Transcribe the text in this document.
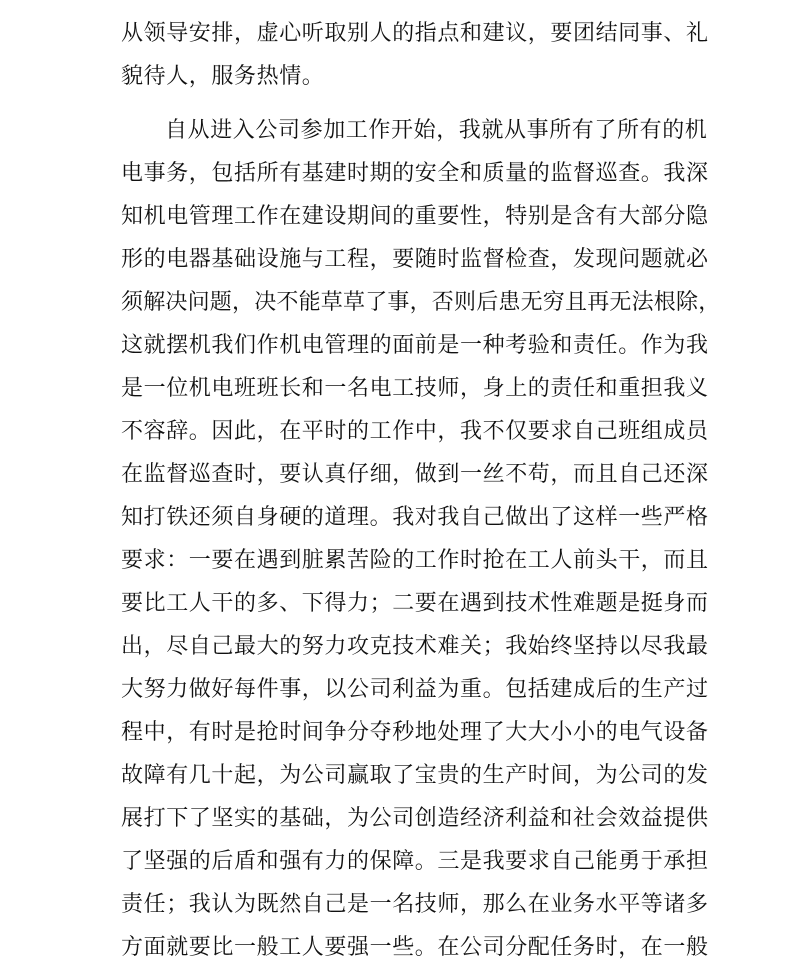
从领导安排，虚心听取别人的指点和建议，要团结同事、礼
貌待人，服务热情。
自从进入公司参加工作开始，我就从事所有了所有的机
电事务，包括所有基建时期的安全和质量的监督巡查。我深
知机电管理工作在建设期间的重要性，特别是含有大部分隐
形的电器基础设施与工程，要随时监督检查，发现问题就必
须解决问题，决不能草草了事，否则后患无穷且再无法根除，
这就摆机我们作机电管理的面前是一种考验和责任。作为我
是一位机电班班长和一名电工技师，身上的责任和重担我义
不容辞。因此，在平时的工作中，我不仅要求自己班组成员
在监督巡查时，要认真仔细，做到一丝不苟，而且自己还深
知打铁还须自身硬的道理。我对我自己做出了这样一些严格
要求：一要在遇到脏累苦险的工作时抢在工人前头干，而且
要比工人干的多、下得力；二要在遇到技术性难题是挺身而
出，尽自己最大的努力攻克技术难关；我始终坚持以尽我最
大努力做好每件事，以公司利益为重。包括建成后的生产过
程中，有时是抢时间争分夺秒地处理了大大小小的电气设备
故障有几十起，为公司赢取了宝贵的生产时间，为公司的发
展打下了坚实的基础，为公司创造经济利益和社会效益提供
了坚强的后盾和强有力的保障。三是我要求自己能勇于承担
责任；我认为既然自己是一名技师，那么在业务水平等诸多
方面就要比一般工人要强一些。在公司分配任务时，在一般
